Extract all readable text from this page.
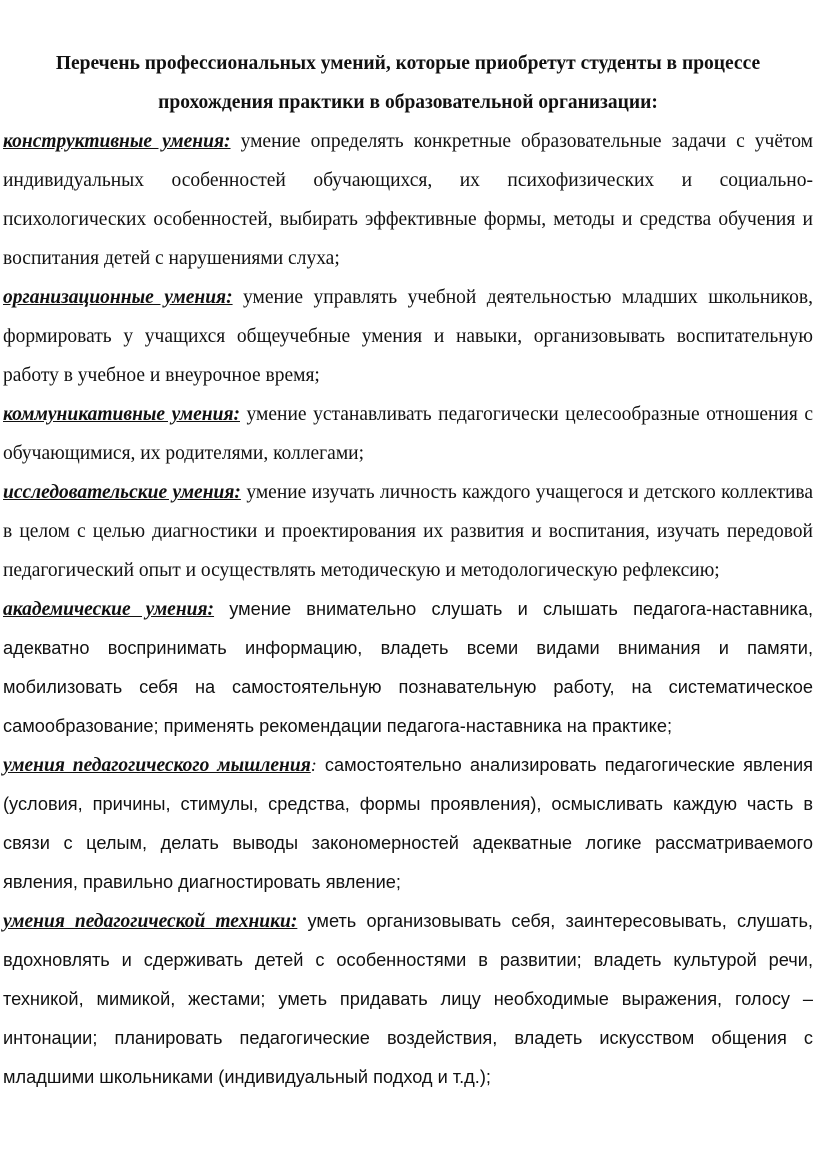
Перечень профессиональных умений, которые приобретут студенты в процессе
прохождения практики в образовательной организации:

конструктивные умения: умение определять конкретные образовательные задачи с учётом индивидуальных особенностей обучающихся, их психофизических и социально-психологических особенностей, выбирать эффективные формы, методы и средства обучения и воспитания детей с нарушениями слуха;

организационные умения: умение управлять учебной деятельностью младших школьников, формировать у учащихся общеучебные умения и навыки, организовывать воспитательную работу в учебное и внеурочное время;

коммуникативные умения: умение устанавливать педагогически целесообразные отношения с обучающимися, их родителями, коллегами;

исследовательские умения: умение изучать личность каждого учащегося и детского коллектива в целом с целью диагностики и проектирования их развития и воспитания, изучать передовой педагогический опыт и осуществлять методическую и методологическую рефлексию;

академические умения: умение внимательно слушать и слышать педагога-наставника, адекватно воспринимать информацию, владеть всеми видами внимания и памяти, мобилизовать себя на самостоятельную познавательную работу, на систематическое самообразование; применять рекомендации педагога-наставника на практике;

умения педагогического мышления: самостоятельно анализировать педагогические явления (условия, причины, стимулы, средства, формы проявления), осмысливать каждую часть в связи с целым, делать выводы закономерностей адекватные логике рассматриваемого явления, правильно диагностировать явление;

умения педагогической техники: уметь организовывать себя, заинтересовывать, слушать, вдохновлять и сдерживать детей с особенностями в развитии; владеть культурой речи, техникой, мимикой, жестами; уметь придавать лицу необходимые выражения, голосу – интонации; планировать педагогические воздействия, владеть искусством общения с младшими школьниками (индивидуальный подход и т.д.);
